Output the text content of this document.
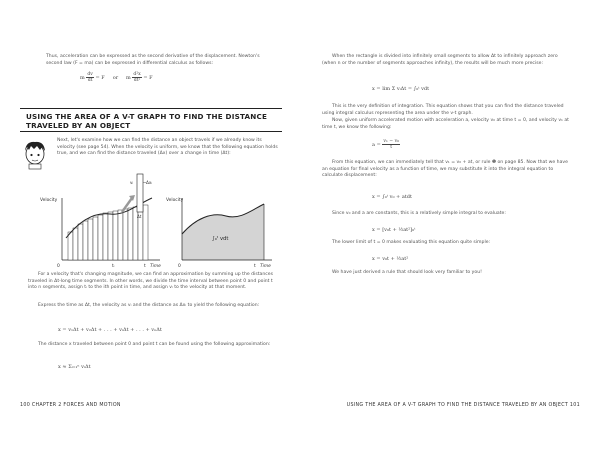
Thus, acceleration can be expressed as the second derivative of the displacement. Newton's second law (F = ma) can be expressed in differential calculus as follows:

m $\frac{dv}{dt} = F$ or m $\frac{\text{d²x}}{\text{dt²}} = F$
USING THE AREA OF A V-T GRAPH TO FIND THE DISTANCE TRAVELED BY AN OBJECT

Next, let's examine how we can find the distance an object travels if we already know its velocity (see page 54). When the velocity is uniform, we know that the following equation holds true, and we can find the distance traveled (Δx) over a change in time (Δt):

vᵢ	Δxᵢ
Δt
Velocity
0	tᵢ	t Time
∫₀ᵗ vdt
Velocity
0	t Time

For a velocity that's changing magnitude, we can find an approximation by summing up the distances traveled in Δt-long time segments. In other words, we divide the time interval between point 0 and point t into n segments, assign tᵢ to the ith point in time, and assign vᵢ to the velocity at that moment.

Express the time as Δt, the velocity as vᵢ and the distance as Δxᵢ to yield the following equation:

x = v₁Δt + v₂Δt + . . . + vᵢΔt + . . . + vₙΔt

The distance x traveled between point 0 and point t can be found using the following approximation:

x ≈ Σᵢ₌₁ⁿ vᵢΔt
100 CHAPTER 2 FORCES AND MOTION

When the rectangle is divided into infinitely small segments to allow Δt to infinitely approach zero (when n or the number of segments approaches infinity), the results will be much more precise:

x = lim Σ vᵢΔt = ∫₀ᵗ vdt

This is the very definition of integration. This equation shows that you can find the distance traveled using integral calculus representing the area under the v-t graph.

Now, given uniform accelerated motion with acceleration a, velocity v₀ at time t = 0, and velocity v₁ at time t, we know the following:

$a = \frac{\text{v₁ − v₀}}{t}$

From this equation, we can immediately tell that v₁ = v₀ + at, or rule ❶ on page 85. Now that we have an equation for final velocity as a function of time, we may substitute it into the integral equation to calculate displacement:

x = ∫₀ᵗ v₀ + atdt

Since v₀ and a are constants, this is a relatively simple integral to evaluate:

x = [v₀t + ½at²]₀ᵗ

The lower limit of t = 0 makes evaluating this equation quite simple:

x = v₀t + ½at²

We have just derived a rule that should look very familiar to you!

USING THE AREA OF A V-T GRAPH TO FIND THE DISTANCE TRAVELED BY AN OBJECT 101
